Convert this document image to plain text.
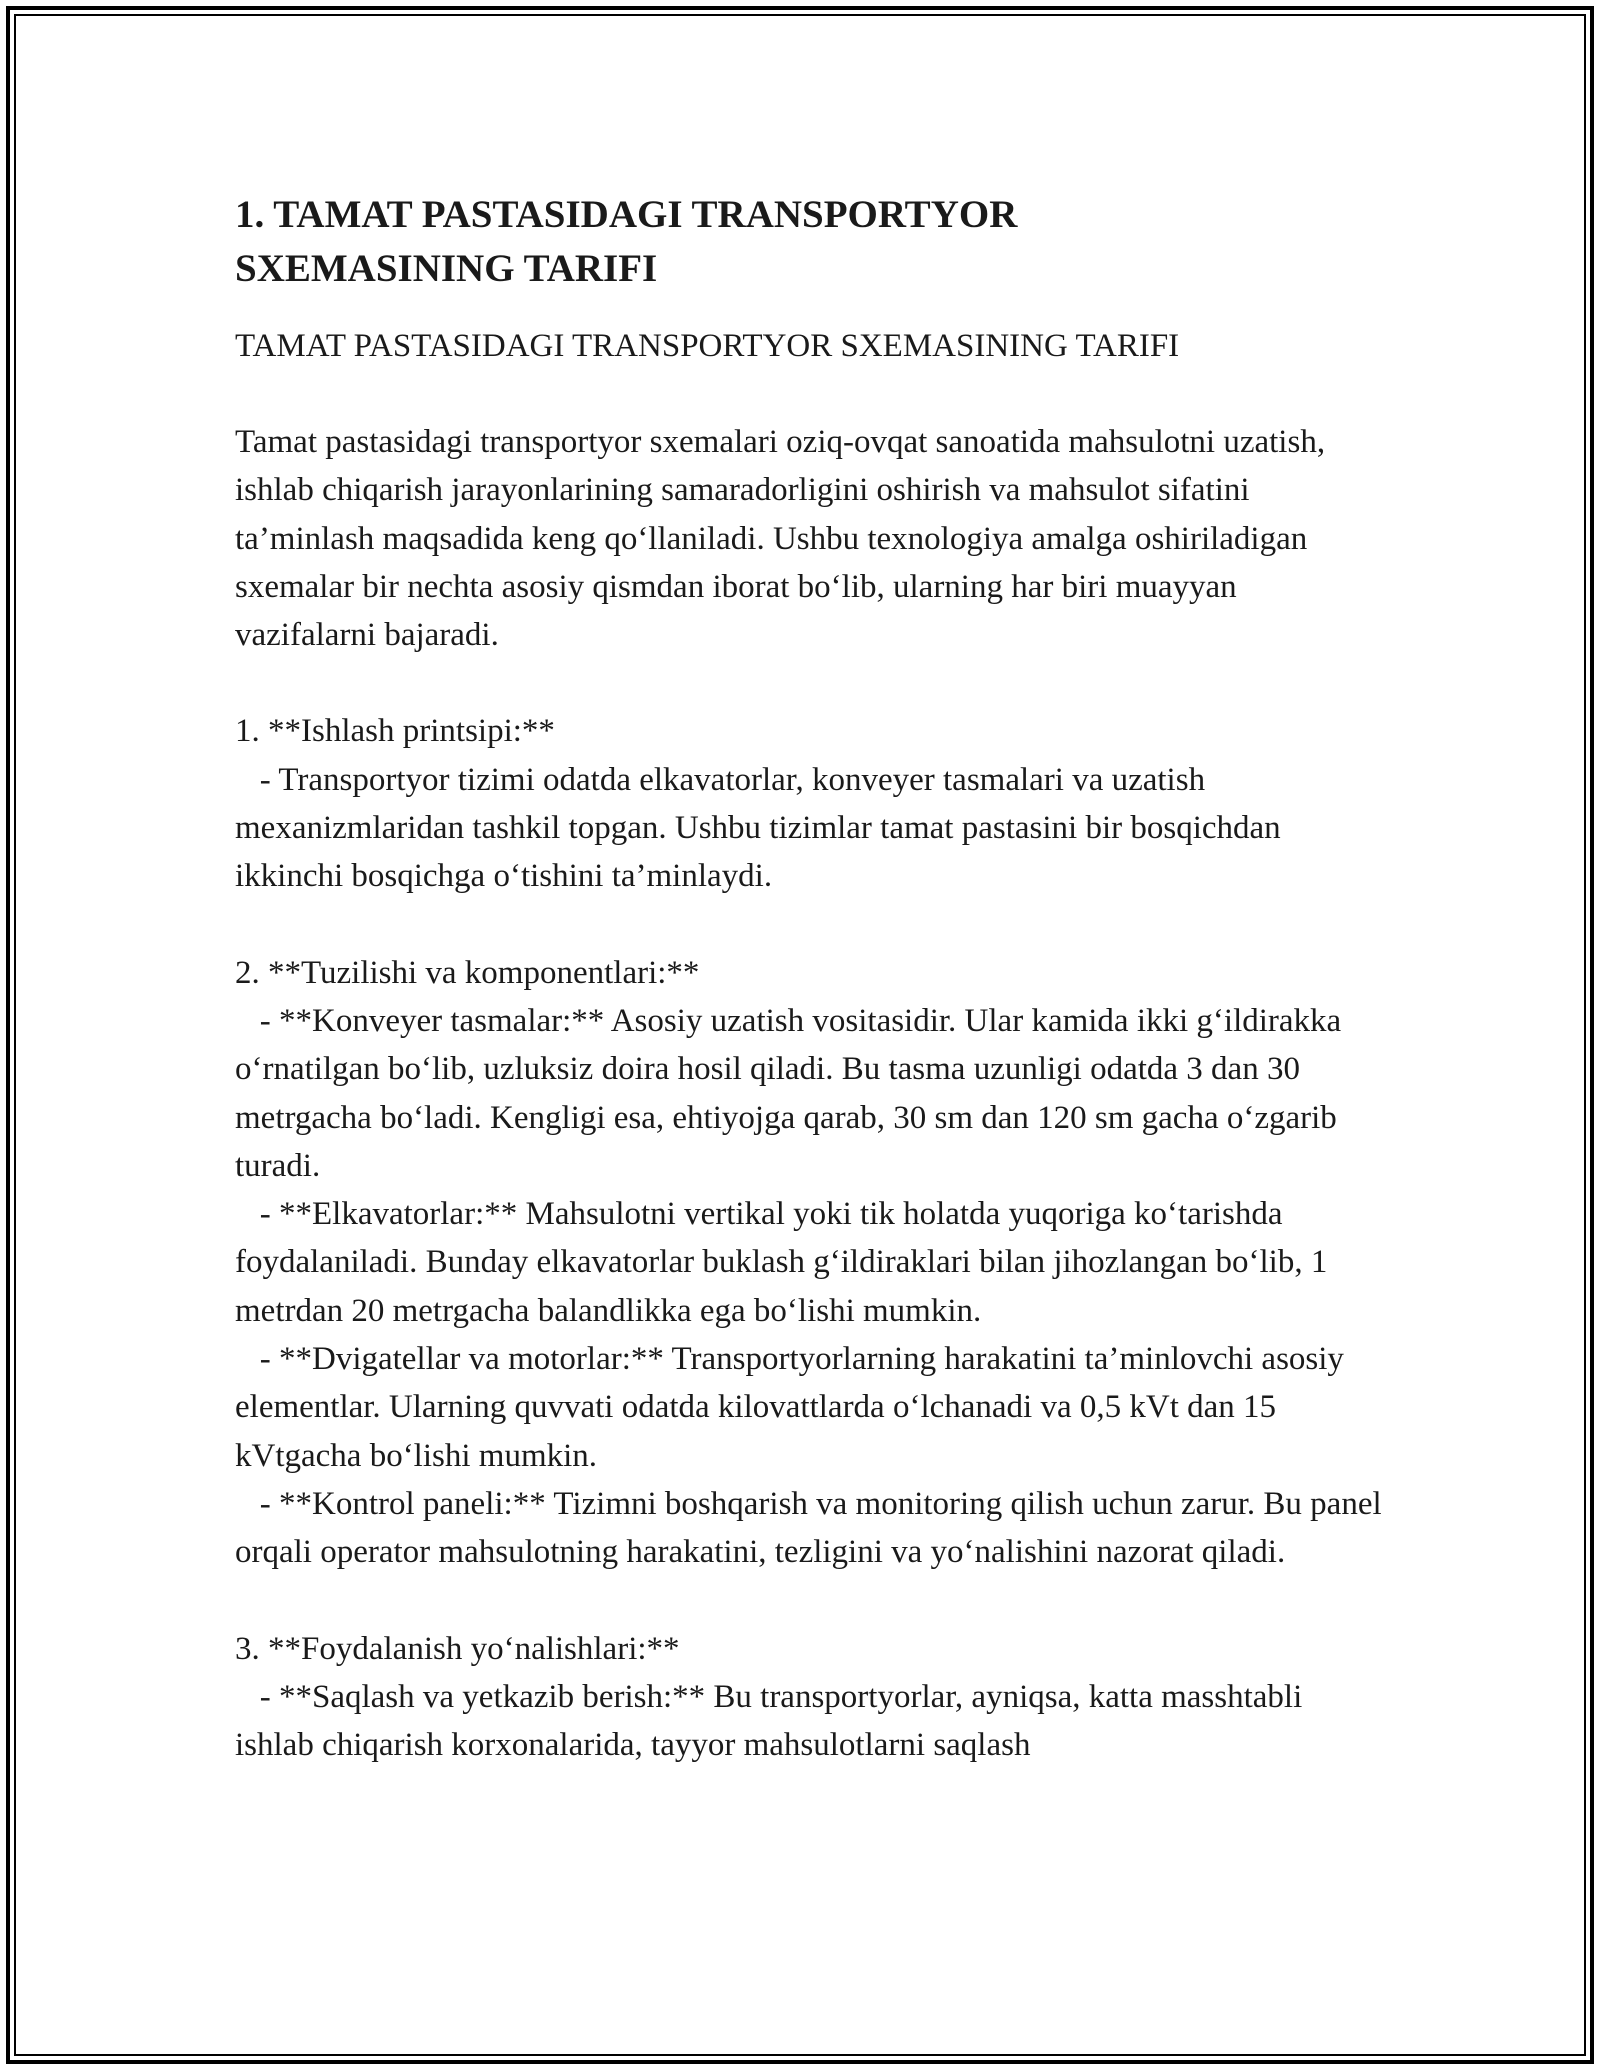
1. TAMAT PASTASIDAGI TRANSPORTYOR
SXEMASINING TARIFI

TAMAT PASTASIDAGI TRANSPORTYOR SXEMASINING TARIFI

Tamat pastasidagi transportyor sxemalari oziq-ovqat sanoatida mahsulotni uzatish, ishlab chiqarish jarayonlarining samaradorligini oshirish va mahsulot sifatini ta’minlash maqsadida keng qo‘llaniladi. Ushbu texnologiya amalga oshiriladigan sxemalar bir nechta asosiy qismdan iborat bo‘lib, ularning har biri muayyan vazifalarni bajaradi.

1. **Ishlash printsipi:**

- Transportyor tizimi odatda elkavatorlar, konveyer tasmalari va uzatish mexanizmlaridan tashkil topgan. Ushbu tizimlar tamat pastasini bir bosqichdan ikkinchi bosqichga o‘tishini ta’minlaydi.

2. **Tuzilishi va komponentlari:**

- **Konveyer tasmalar:** Asosiy uzatish vositasidir. Ular kamida ikki g‘ildirakka o‘rnatilgan bo‘lib, uzluksiz doira hosil qiladi. Bu tasma uzunligi odatda 3 dan 30 metrgacha bo‘ladi. Kengligi esa, ehtiyojga qarab, 30 sm dan 120 sm gacha o‘zgarib turadi.

- **Elkavatorlar:** Mahsulotni vertikal yoki tik holatda yuqoriga ko‘tarishda foydalaniladi. Bunday elkavatorlar buklash g‘ildiraklari bilan jihozlangan bo‘lib, 1 metrdan 20 metrgacha balandlikka ega bo‘lishi mumkin.

- **Dvigatellar va motorlar:** Transportyorlarning harakatini ta’minlovchi asosiy elementlar. Ularning quvvati odatda kilovattlarda o‘lchanadi va 0,5 kVt dan 15 kVtgacha bo‘lishi mumkin.

- **Kontrol paneli:** Tizimni boshqarish va monitoring qilish uchun zarur. Bu panel orqali operator mahsulotning harakatini, tezligini va yo‘nalishini nazorat qiladi.

3. **Foydalanish yo‘nalishlari:**

- **Saqlash va yetkazib berish:** Bu transportyorlar, ayniqsa, katta masshtabli ishlab chiqarish korxonalarida, tayyor mahsulotlarni saqlash
